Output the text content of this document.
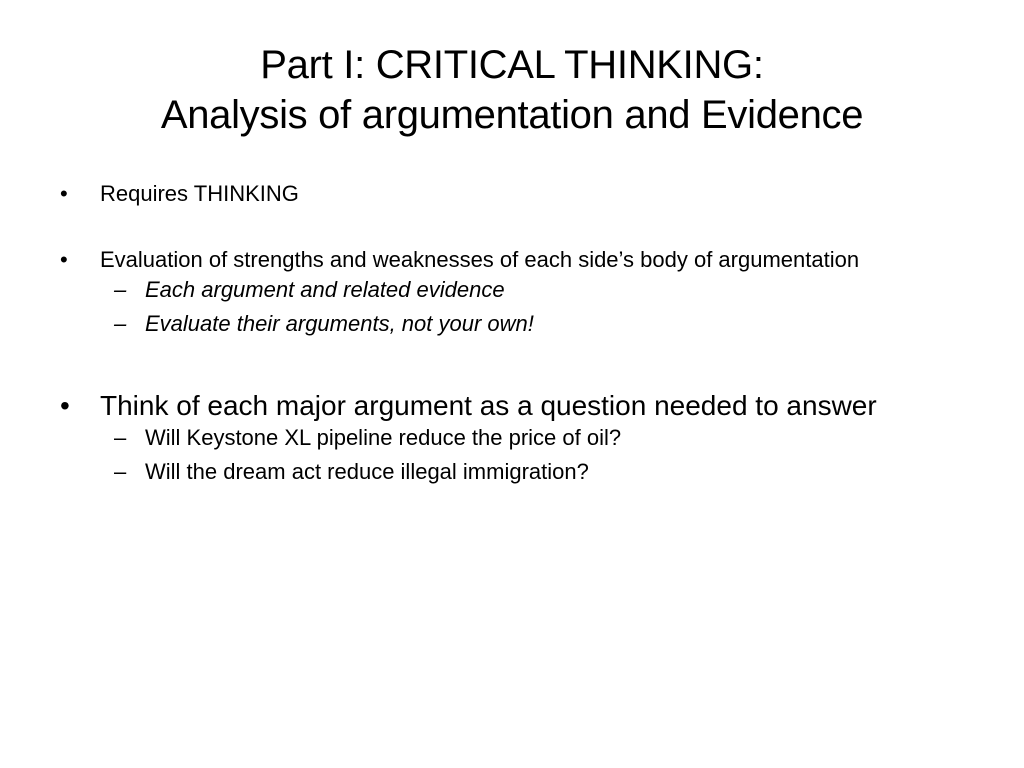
Part I: CRITICAL THINKING:
Analysis of argumentation and Evidence
• Requires THINKING
• Evaluation of strengths and weaknesses of each side’s body of argumentation
– Each argument and related evidence
– Evaluate their arguments, not your own!
• Think of each major argument as a question needed to answer
– Will Keystone XL pipeline reduce the price of oil?
– Will the dream act reduce illegal immigration?
